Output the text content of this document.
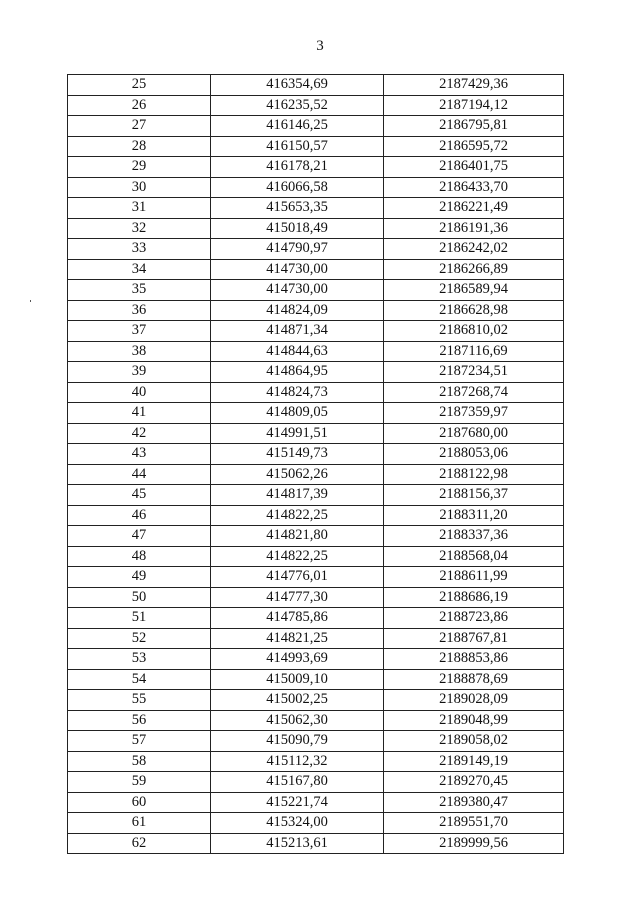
3
25	416354,69	2187429,36
26	416235,52	2187194,12
27	416146,25	2186795,81
28	416150,57	2186595,72
29	416178,21	2186401,75
30	416066,58	2186433,70
31	415653,35	2186221,49
32	415018,49	2186191,36
33	414790,97	2186242,02
34	414730,00	2186266,89
35	414730,00	2186589,94
36	414824,09	2186628,98
37	414871,34	2186810,02
38	414844,63	2187116,69
39	414864,95	2187234,51
40	414824,73	2187268,74
41	414809,05	2187359,97
42	414991,51	2187680,00
43	415149,73	2188053,06
44	415062,26	2188122,98
45	414817,39	2188156,37
46	414822,25	2188311,20
47	414821,80	2188337,36
48	414822,25	2188568,04
49	414776,01	2188611,99
50	414777,30	2188686,19
51	414785,86	2188723,86
52	414821,25	2188767,81
53	414993,69	2188853,86
54	415009,10	2188878,69
55	415002,25	2189028,09
56	415062,30	2189048,99
57	415090,79	2189058,02
58	415112,32	2189149,19
59	415167,80	2189270,45
60	415221,74	2189380,47
61	415324,00	2189551,70
62	415213,61	2189999,56
